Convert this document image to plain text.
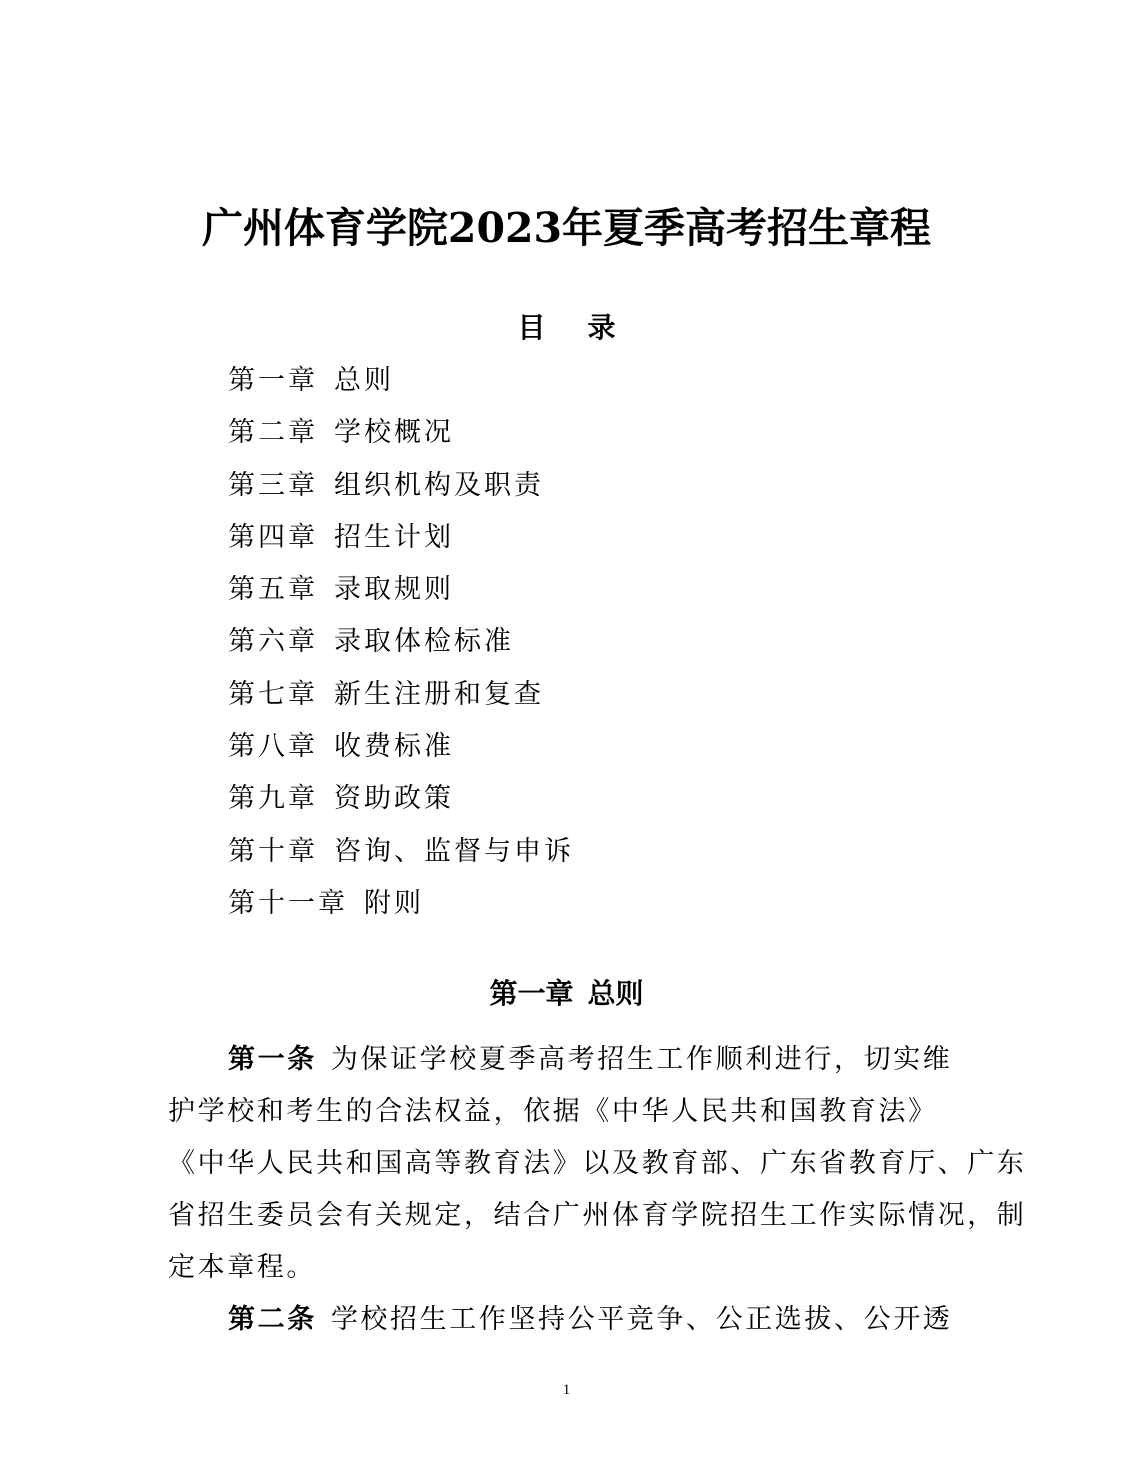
广州体育学院2023年夏季高考招生章程
目 录
第一章 总则
第二章 学校概况
第三章 组织机构及职责
第四章 招生计划
第五章 录取规则
第六章 录取体检标准
第七章 新生注册和复查
第八章 收费标准
第九章 资助政策
第十章 咨询、监督与申诉
第十一章 附则
第一章 总则
第一条 为保证学校夏季高考招生工作顺利进行，切实维
护学校和考生的合法权益，依据《中华人民共和国教育法》
《中华人民共和国高等教育法》以及教育部、广东省教育厅、广东
省招生委员会有关规定，结合广州体育学院招生工作实际情况，制
定本章程。
第二条 学校招生工作坚持公平竞争、公正选拔、公开透
1
